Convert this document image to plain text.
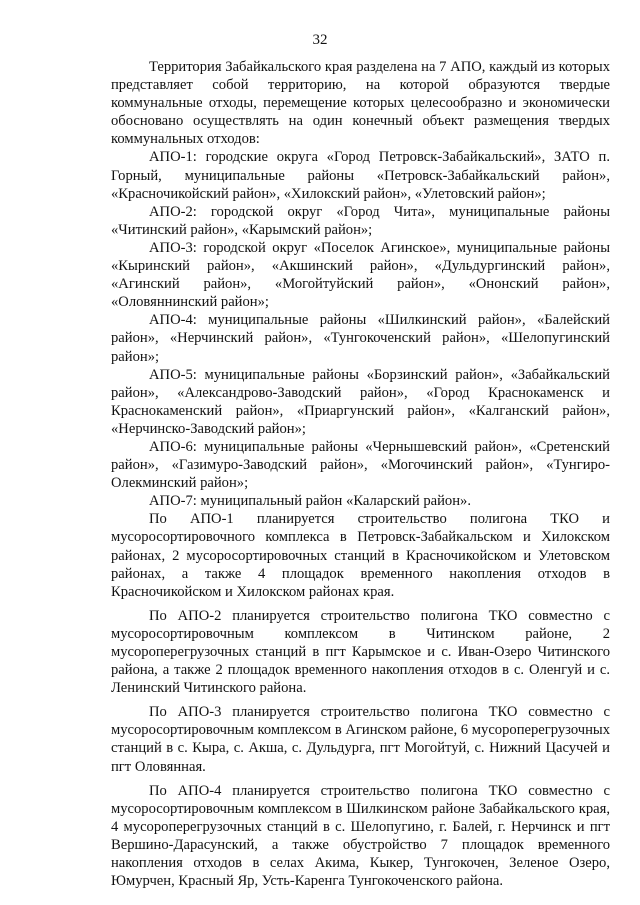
32

Территория Забайкальского края разделена на 7 АПО, каждый из которых представляет собой территорию, на которой образуются твердые коммунальные отходы, перемещение которых целесообразно и экономически обосновано осуществлять на один конечный объект размещения твердых коммунальных отходов:

АПО-1: городские округа «Город Петровск-Забайкальский», ЗАТО п. Горный, муниципальные районы «Петровск-Забайкальский район», «Красночикойский район», «Хилокский район», «Улетовский район»;

АПО-2: городской округ «Город Чита», муниципальные районы «Читинский район», «Карымский район»;

АПО-3: городской округ «Поселок Агинское», муниципальные районы «Кыринский район», «Акшинский район», «Дульдургинский район», «Агинский район», «Могойтуйский район», «Ононский район», «Оловяннинский район»;

АПО-4: муниципальные районы «Шилкинский район», «Балейский район», «Нерчинский район», «Тунгокоченский район», «Шелопугинский район»;

АПО-5: муниципальные районы «Борзинский район», «Забайкальский район», «Александрово-Заводский район», «Город Краснокаменск и Краснокаменский район», «Приаргунский район», «Калганский район», «Нерчинско-Заводский район»;

АПО-6: муниципальные районы «Чернышевский район», «Сретенский район», «Газимуро-Заводский район», «Могочинский район», «Тунгиро-Олекминский район»;

АПО-7: муниципальный район «Каларский район».

По АПО-1 планируется строительство полигона ТКО и мусоросортировочного комплекса в Петровск-Забайкальском и Хилокском районах, 2 мусоросортировочных станций в Красночикойском и Улетовском районах, а также 4 площадок временного накопления отходов в Красночикойском и Хилокском районах края.

По АПО-2 планируется строительство полигона ТКО совместно с мусоросортировочным комплексом в Читинском районе, 2 мусороперегрузочных станций в пгт Карымское и с. Иван-Озеро Читинского района, а также 2 площадок временного накопления отходов в с. Оленгуй и с. Ленинский Читинского района.

По АПО-3 планируется строительство полигона ТКО совместно с мусоросортировочным комплексом в Агинском районе, 6 мусороперегрузочных станций в с. Кыра, с. Акша, с. Дульдурга, пгт Могойтуй, с. Нижний Цасучей и пгт Оловянная.

По АПО-4 планируется строительство полигона ТКО совместно с мусоросортировочным комплексом в Шилкинском районе Забайкальского края, 4 мусороперегрузочных станций в с. Шелопугино, г. Балей, г. Нерчинск и пгт Вершино-Дарасунский, а также обустройство 7 площадок временного накопления отходов в селах Акима, Кыкер, Тунгокочен, Зеленое Озеро, Юмурчен, Красный Яр, Усть-Каренга Тунгокоченского района.
